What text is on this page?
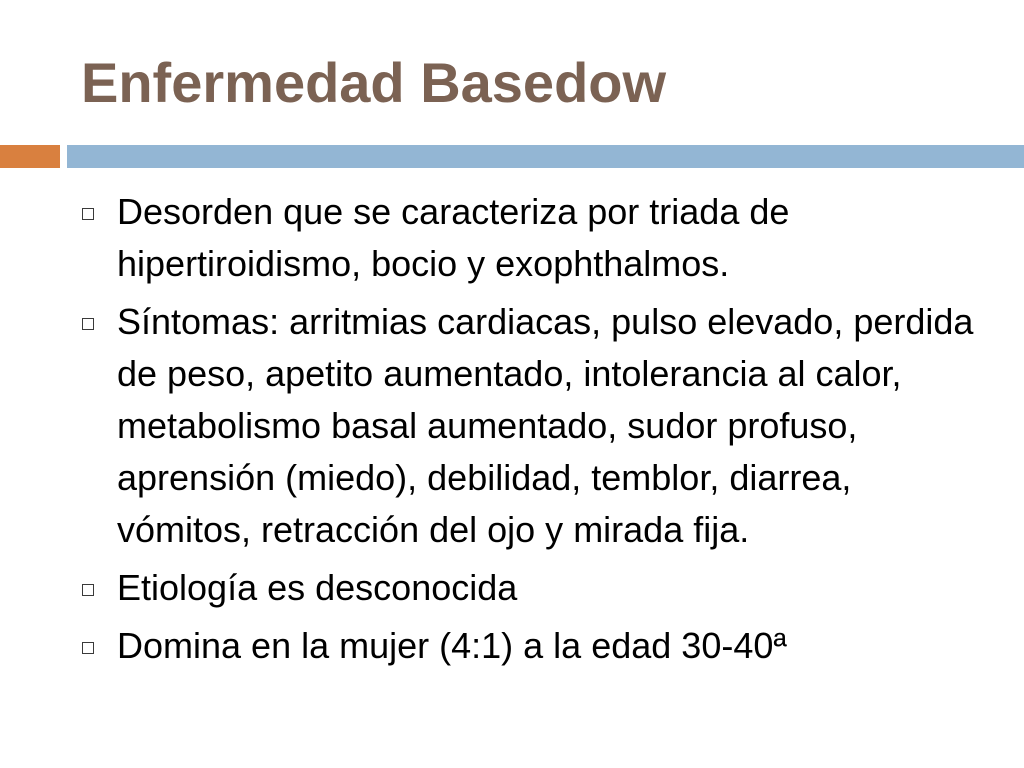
Enfermedad Basedow
Desorden que se caracteriza por triada de hipertiroidismo, bocio y exophthalmos.
Síntomas: arritmias cardiacas, pulso elevado, perdida de peso, apetito aumentado, intolerancia al calor, metabolismo basal aumentado, sudor profuso, aprensión (miedo), debilidad, temblor, diarrea, vómitos, retracción del ojo y mirada fija.
Etiología es desconocida
Domina en la mujer (4:1) a la edad 30-40ª
